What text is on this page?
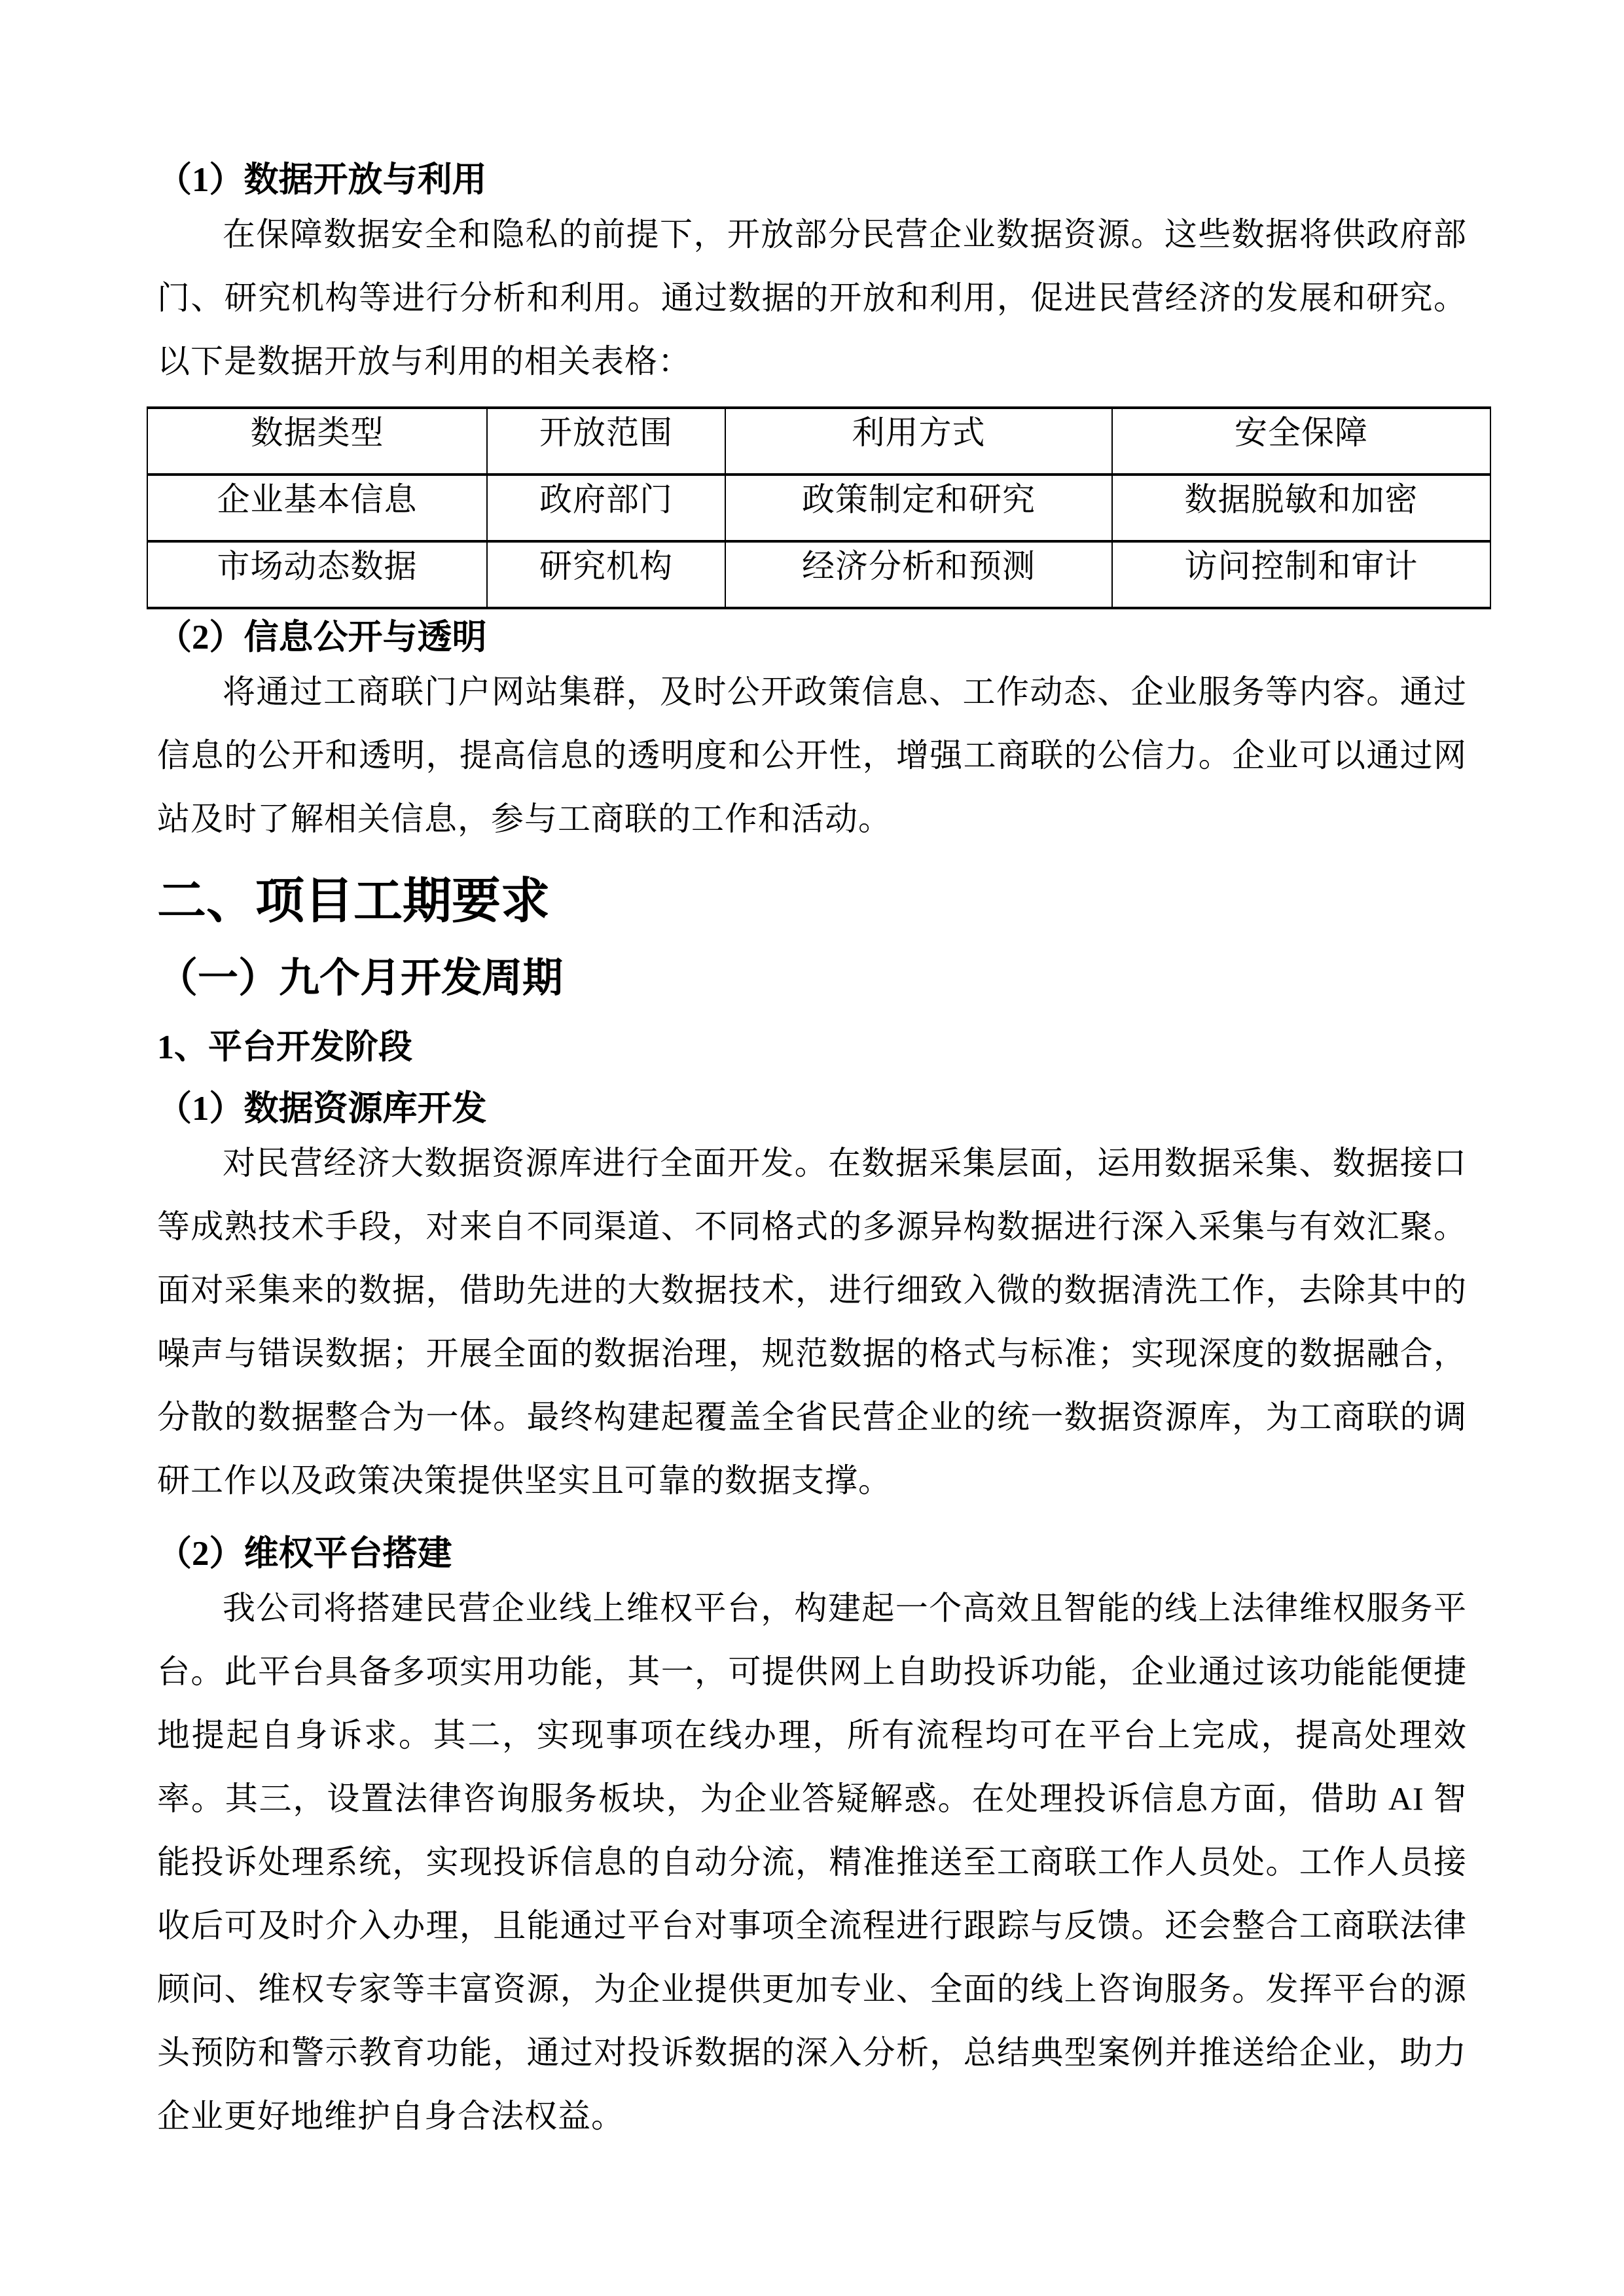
（1）数据开放与利用

在保障数据安全和隐私的前提下，开放部分民营企业数据资源。这些数据将供政府部门、研究机构等进行分析和利用。通过数据的开放和利用，促进民营经济的发展和研究。以下是数据开放与利用的相关表格：

数据类型	开放范围	利用方式	安全保障
企业基本信息	政府部门	政策制定和研究	数据脱敏和加密
市场动态数据	研究机构	经济分析和预测	访问控制和审计
（2）信息公开与透明

将通过工商联门户网站集群，及时公开政策信息、工作动态、企业服务等内容。通过信息的公开和透明，提高信息的透明度和公开性，增强工商联的公信力。企业可以通过网站及时了解相关信息，参与工商联的工作和活动。

二、项目工期要求
（一）九个月开发周期
1、平台开发阶段
（1）数据资源库开发

对民营经济大数据资源库进行全面开发。在数据采集层面，运用数据采集、数据接口等成熟技术手段，对来自不同渠道、不同格式的多源异构数据进行深入采集与有效汇聚。面对采集来的数据，借助先进的大数据技术，进行细致入微的数据清洗工作，去除其中的噪声与错误数据；开展全面的数据治理，规范数据的格式与标准；实现深度的数据融合，分散的数据整合为一体。最终构建起覆盖全省民营企业的统一数据资源库，为工商联的调研工作以及政策决策提供坚实且可靠的数据支撑。

（2）维权平台搭建

我公司将搭建民营企业线上维权平台，构建起一个高效且智能的线上法律维权服务平台。此平台具备多项实用功能，其一，可提供网上自助投诉功能，企业通过该功能能便捷地提起自身诉求。其二，实现事项在线办理，所有流程均可在平台上完成，提高处理效率。其三，设置法律咨询服务板块，为企业答疑解惑。在处理投诉信息方面，借助 AI 智能投诉处理系统，实现投诉信息的自动分流，精准推送至工商联工作人员处。工作人员接收后可及时介入办理，且能通过平台对事项全流程进行跟踪与反馈。还会整合工商联法律顾问、维权专家等丰富资源，为企业提供更加专业、全面的线上咨询服务。发挥平台的源头预防和警示教育功能，通过对投诉数据的深入分析，总结典型案例并推送给企业，助力企业更好地维护自身合法权益。
